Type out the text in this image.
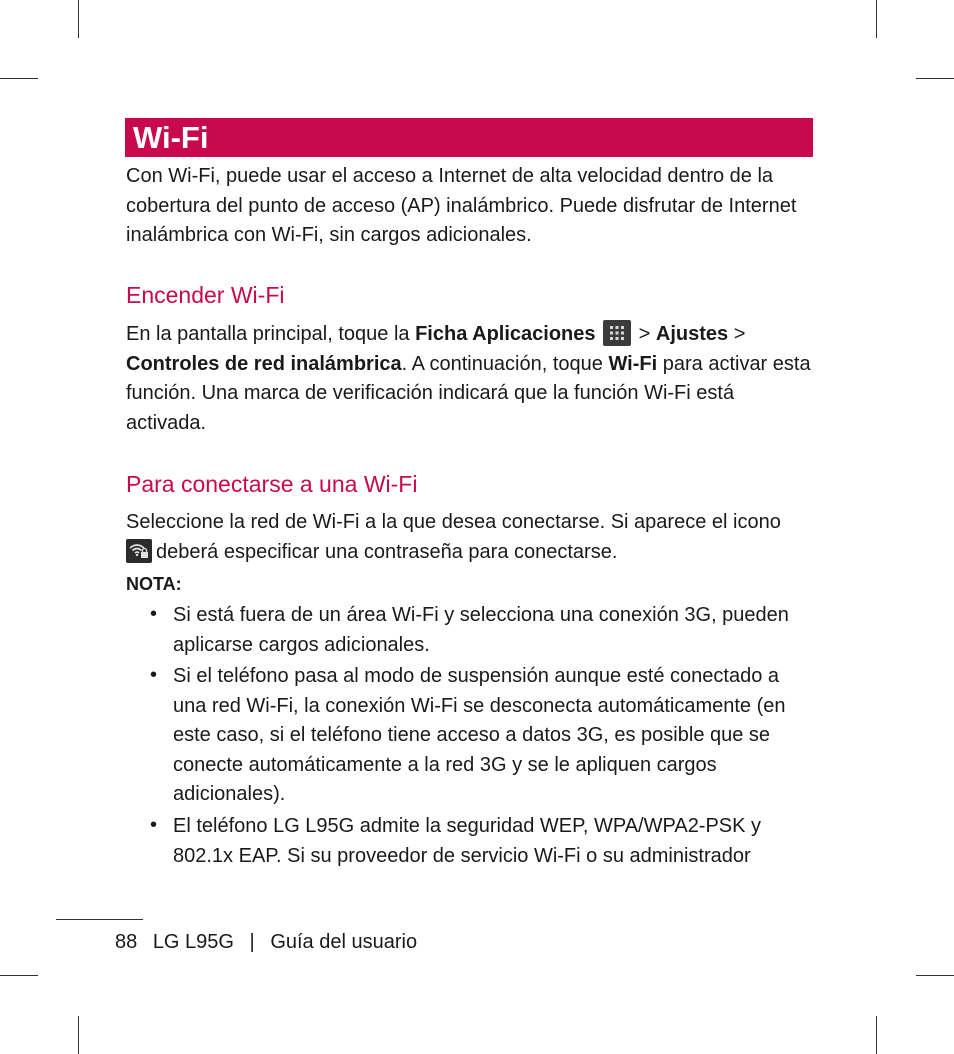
Wi-Fi

Con Wi-Fi, puede usar el acceso a Internet de alta velocidad dentro de la cobertura del punto de acceso (AP) inalámbrico. Puede disfrutar de Internet inalámbrica con Wi-Fi, sin cargos adicionales.

Encender Wi-Fi

En la pantalla principal, toque la Ficha Aplicaciones
> Ajustes >
Controles de red inalámbrica. A continuación, toque Wi-Fi para activar esta función. Una marca de verificación indicará que la función Wi-Fi está activada.

Para conectarse a una Wi-Fi

Seleccione la red de Wi-Fi a la que desea conectarse. Si aparece el icono

deberá especificar una contraseña para conectarse.

NOTA:
• Si está fuera de un área Wi-Fi y selecciona una conexión 3G, pueden aplicarse cargos adicionales.
• Si el teléfono pasa al modo de suspensión aunque esté conectado a una red Wi-Fi, la conexión Wi-Fi se desconecta automáticamente (en este caso, si el teléfono tiene acceso a datos 3G, es posible que se conecte automáticamente a la red 3G y se le apliquen cargos adicionales).
• El teléfono LG L95G admite la seguridad WEP, WPA/WPA2-PSK y 802.1x EAP. Si su proveedor de servicio Wi-Fi o su administrador
88 LG L95G | Guía del usuario
